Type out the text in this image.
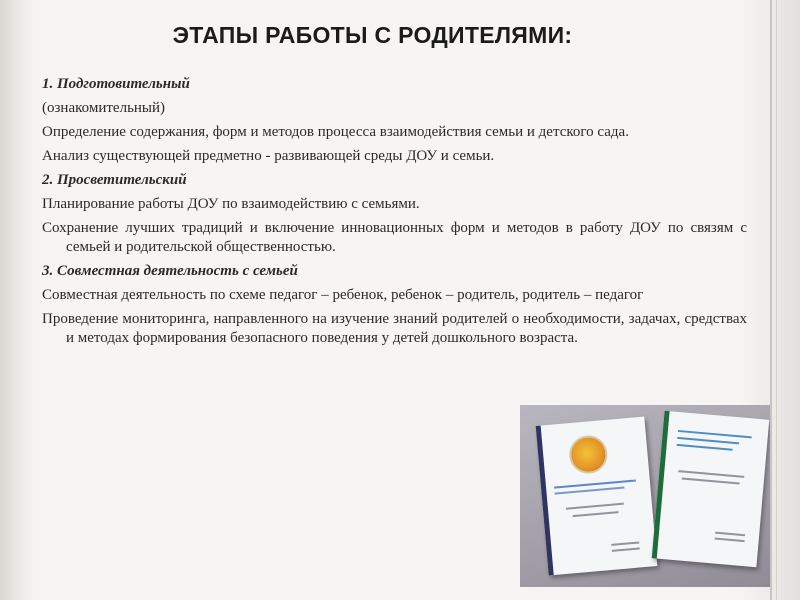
ЭТАПЫ РАБОТЫ С РОДИТЕЛЯМИ:

1. Подготовительный

(ознакомительный)

Определение содержания, форм и методов процесса взаимодействия семьи и детского сада.

Анализ существующей предметно - развивающей среды ДОУ и семьи.

2. Просветительский

Планирование работы ДОУ по взаимодействию с семьями.

Сохранение лучших традиций и включение инновационных форм и методов в работу ДОУ по связям с семьей и родительской общественностью.

3. Совместная деятельность с семьей

Совместная деятельность по схеме педагог – ребенок, ребенок – родитель, родитель – педагог

Проведение мониторинга, направленного на изучение знаний родителей о необходимости, задачах, средствах и методах формирования безопасного поведения у детей дошкольного возраста.
